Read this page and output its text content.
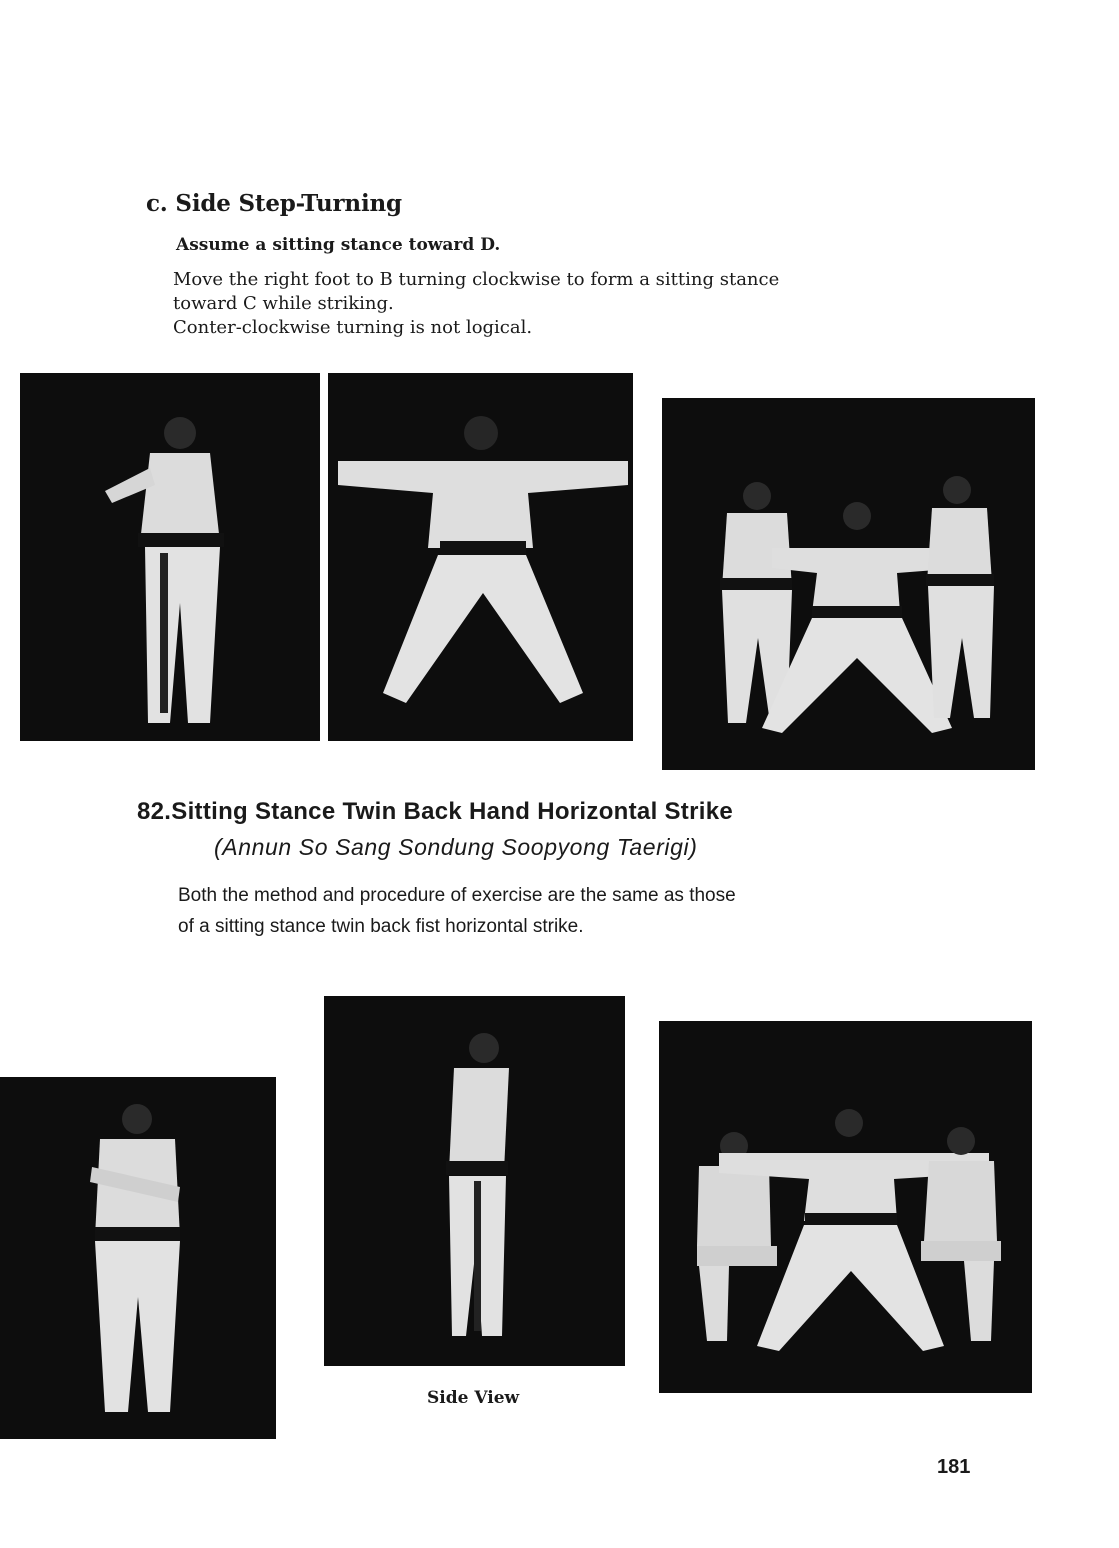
c. Side Step-Turning
Assume a sitting stance toward D.
Move the right foot to B turning clockwise to form a sitting stance
toward C while striking.
Conter-clockwise turning is not logical.
82.Sitting Stance Twin Back Hand Horizontal Strike
(Annun So Sang Sondung Soopyong Taerigi)
Both the method and procedure of exercise are the same as those
of a sitting stance twin back fist horizontal strike.
Side View
181
